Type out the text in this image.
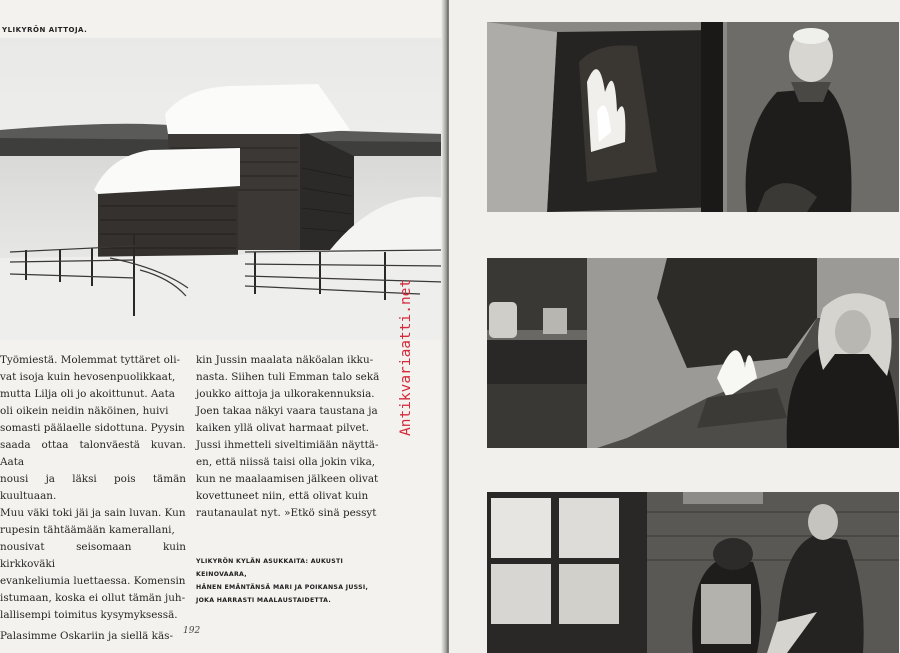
YLIKYRÖN AITTOJA.

Työmiestä. Molemmat tyttäret oli-

vat isoja kuin hevosenpuolikkaat,

mutta Lilja oli jo akoittunut. Aata

oli oikein neidin näköinen, huivi

somasti päälaelle sidottuna. Pyysin

saada ottaa talonväestä kuvan. Aata

nousi ja läksi pois tämän kuultuaan.

Muu väki toki jäi ja sain luvan. Kun

rupesin tähtäämään kamerallani,

nousivat seisomaan kuin kirkkoväki

evankeliumia luettaessa. Komensin

istumaan, koska ei ollut tämän juh-

lallisempi toimitus kysymyksessä.

Palasimme Oskariin ja siellä käs-

kin Jussin maalata näköalan ikku-

nasta. Siihen tuli Emman talo sekä

joukko aittoja ja ulkorakennuksia.

Joen takaa näkyi vaara taustana ja

kaiken yllä olivat harmaat pilvet.

Jussi ihmetteli siveltimiään näyttä-

en, että niissä taisi olla jokin vika,

kun ne maalaamisen jälkeen olivat

kovettuneet niin, että olivat kuin

rautanaulat nyt. »Etkö sinä pessyt

YLIKYRÖN KYLÄN ASUKKAITA: AUKUSTI KEINOVAARA,
HÄNEN EMÄNTÄNSÄ MARI JA POIKANSA JUSSI,
JOKA HARRASTI MAALAUSTAIDETTA.
192
Antikvariaatti.net
